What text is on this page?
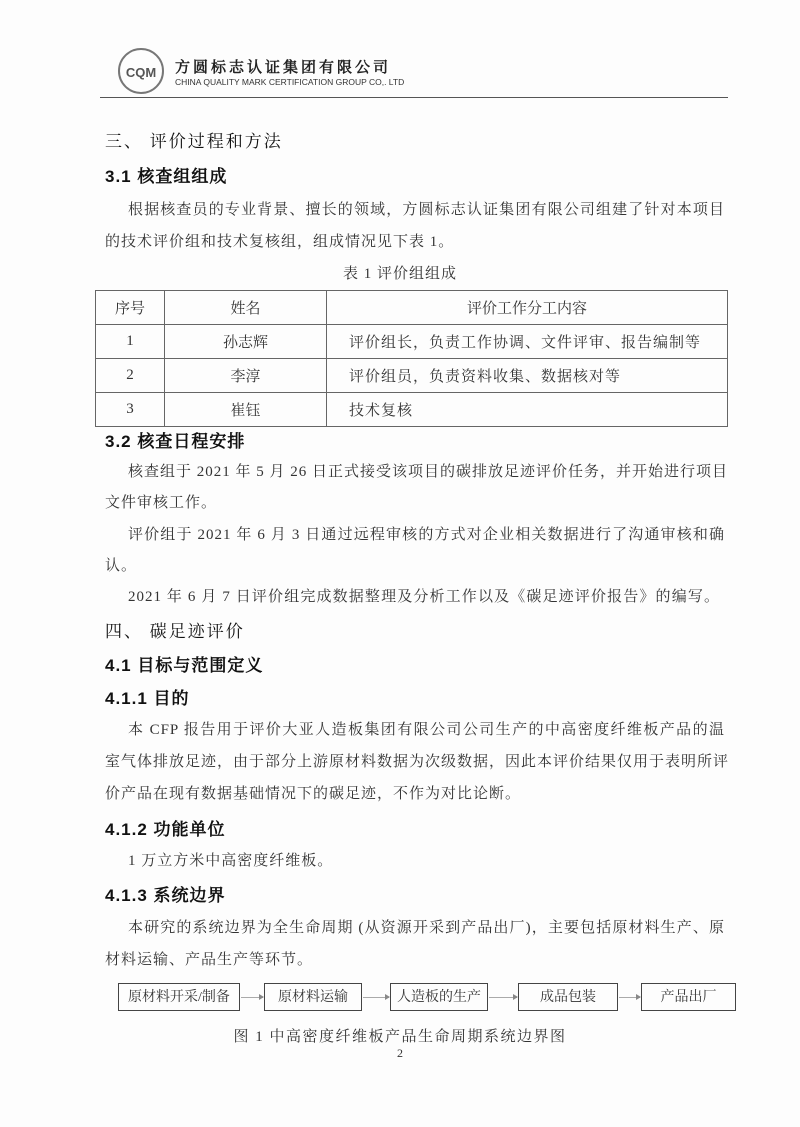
CQM	方圆标志认证集团有限公司
CHINA QUALITY MARK CERTIFICATION GROUP CO,. LTD
三、 评价过程和方法
3.1 核查组组成
根据核查员的专业背景、擅长的领域，方圆标志认证集团有限公司组建了针对本项目
的技术评价组和技术复核组，组成情况见下表 1。
表 1 评价组组成
序号	姓名	评价工作分工内容
1	孙志辉	评价组长，负责工作协调、文件评审、报告编制等
2	李淳	评价组员，负责资料收集、数据核对等
3	崔钰	技术复核
3.2 核查日程安排
核查组于 2021 年 5 月 26 日正式接受该项目的碳排放足迹评价任务，并开始进行项目
文件审核工作。
评价组于 2021 年 6 月 3 日通过远程审核的方式对企业相关数据进行了沟通审核和确
认。
2021 年 6 月 7 日评价组完成数据整理及分析工作以及《碳足迹评价报告》的编写。
四、 碳足迹评价
4.1 目标与范围定义
4.1.1 目的
本 CFP 报告用于评价大亚人造板集团有限公司公司生产的中高密度纤维板产品的温
室气体排放足迹，由于部分上游原材料数据为次级数据，因此本评价结果仅用于表明所评
价产品在现有数据基础情况下的碳足迹，不作为对比论断。
4.1.2 功能单位
1 万立方米中高密度纤维板。
4.1.3 系统边界
本研究的系统边界为全生命周期 (从资源开采到产品出厂)，主要包括原材料生产、原
材料运输、产品生产等环节。
原材料开采/制备	原材料运输	人造板的生产	成品包装	产品出厂
图 1 中高密度纤维板产品生命周期系统边界图
2
